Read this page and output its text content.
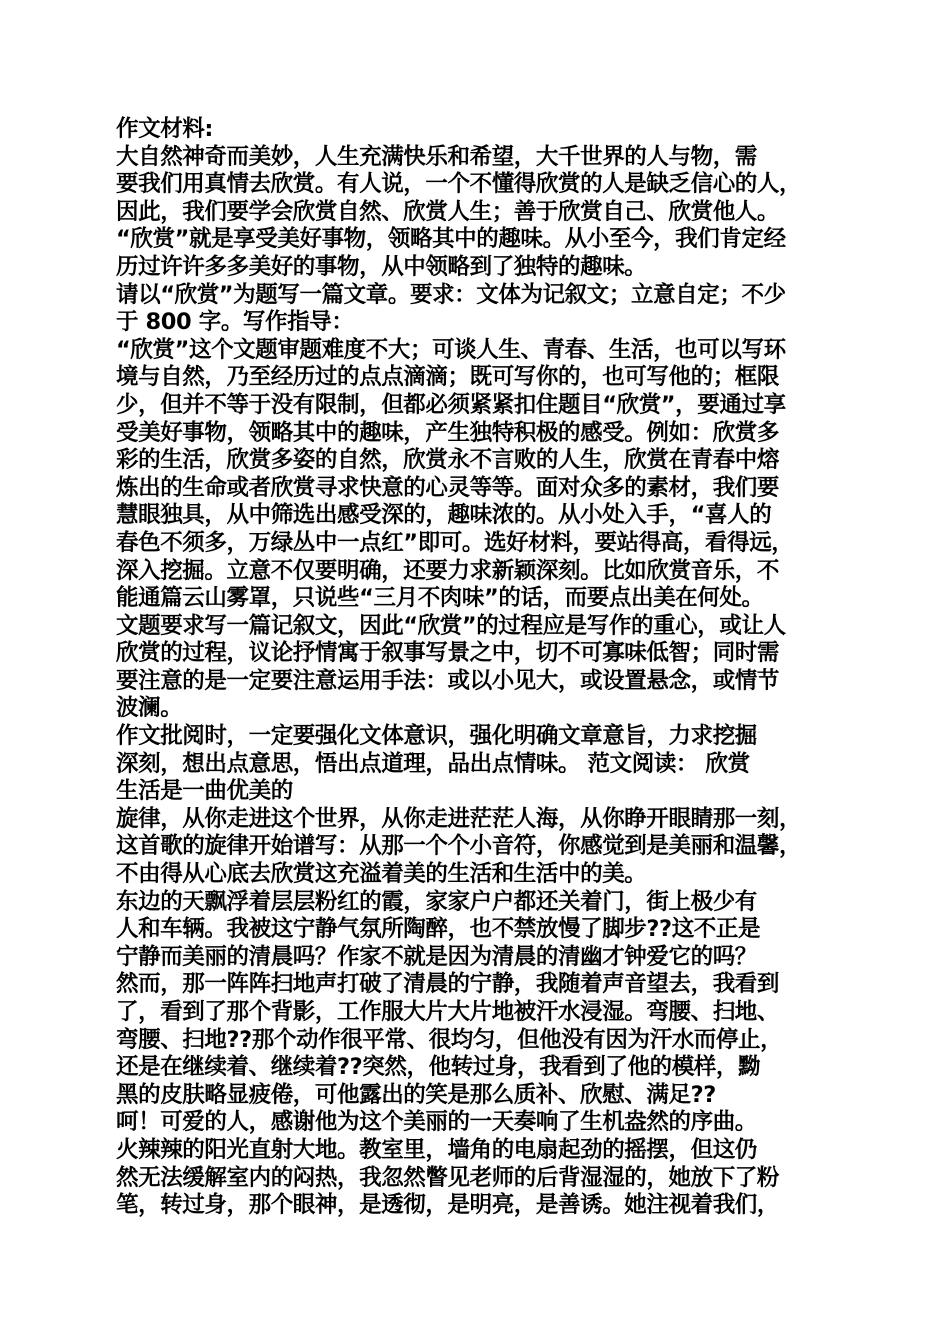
作文材料:
大自然神奇而美妙，人生充满快乐和希望，大千世界的人与物，需
要我们用真情去欣赏。有人说，一个不懂得欣赏的人是缺乏信心的人，
因此，我们要学会欣赏自然、欣赏人生；善于欣赏自己、欣赏他人。
“欣赏”就是享受美好事物，领略其中的趣味。从小至今，我们肯定经
历过许许多多美好的事物，从中领略到了独特的趣味。
请以“欣赏”为题写一篇文章。要求：文体为记叙文；立意自定；不少
于 800 字。写作指导：
“欣赏”这个文题审题难度不大；可谈人生、青春、生活，也可以写环
境与自然，乃至经历过的点点滴滴；既可写你的，也可写他的；框限
少，但并不等于没有限制，但都必须紧紧扣住题目“欣赏”，要通过享
受美好事物，领略其中的趣味，产生独特积极的感受。例如：欣赏多
彩的生活，欣赏多姿的自然，欣赏永不言败的人生，欣赏在青春中熔
炼出的生命或者欣赏寻求快意的心灵等等。面对众多的素材，我们要
慧眼独具，从中筛选出感受深的，趣味浓的。从小处入手，“喜人的
春色不须多，万绿丛中一点红”即可。选好材料，要站得高，看得远，
深入挖掘。立意不仅要明确，还要力求新颖深刻。比如欣赏音乐，不
能通篇云山雾罩，只说些“三月不肉味”的话，而要点出美在何处。
文题要求写一篇记叙文，因此“欣赏”的过程应是写作的重心，或让人
欣赏的过程，议论抒情寓于叙事写景之中，切不可寡味低智；同时需
要注意的是一定要注意运用手法：或以小见大，或设置悬念，或情节
波澜。
作文批阅时，一定要强化文体意识，强化明确文章意旨，力求挖掘
深刻，想出点意思，悟出点道理，品出点情味。 范文阅读： 欣赏
生活是一曲优美的
旋律，从你走进这个世界，从你走进茫茫人海，从你睁开眼睛那一刻，
这首歌的旋律开始谱写：从那一个个小音符，你感觉到是美丽和温馨，
不由得从心底去欣赏这充溢着美的生活和生活中的美。
东边的天飘浮着层层粉红的霞，家家户户都还关着门，街上极少有
人和车辆。我被这宁静气氛所陶醉，也不禁放慢了脚步??这不正是
宁静而美丽的清晨吗？作家不就是因为清晨的清幽才钟爱它的吗？
然而，那一阵阵扫地声打破了清晨的宁静，我随着声音望去，我看到
了，看到了那个背影，工作服大片大片地被汗水浸湿。弯腰、扫地、
弯腰、扫地??那个动作很平常、很均匀，但他没有因为汗水而停止，
还是在继续着、继续着??突然，他转过身，我看到了他的模样，黝
黑的皮肤略显疲倦，可他露出的笑是那么质补、欣慰、满足??
呵！可爱的人，感谢他为这个美丽的一天奏响了生机盎然的序曲。
火辣辣的阳光直射大地。教室里，墙角的电扇起劲的摇摆，但这仍
然无法缓解室内的闷热，我忽然瞥见老师的后背湿湿的，她放下了粉
笔，转过身，那个眼神，是透彻，是明亮，是善诱。她注视着我们，
